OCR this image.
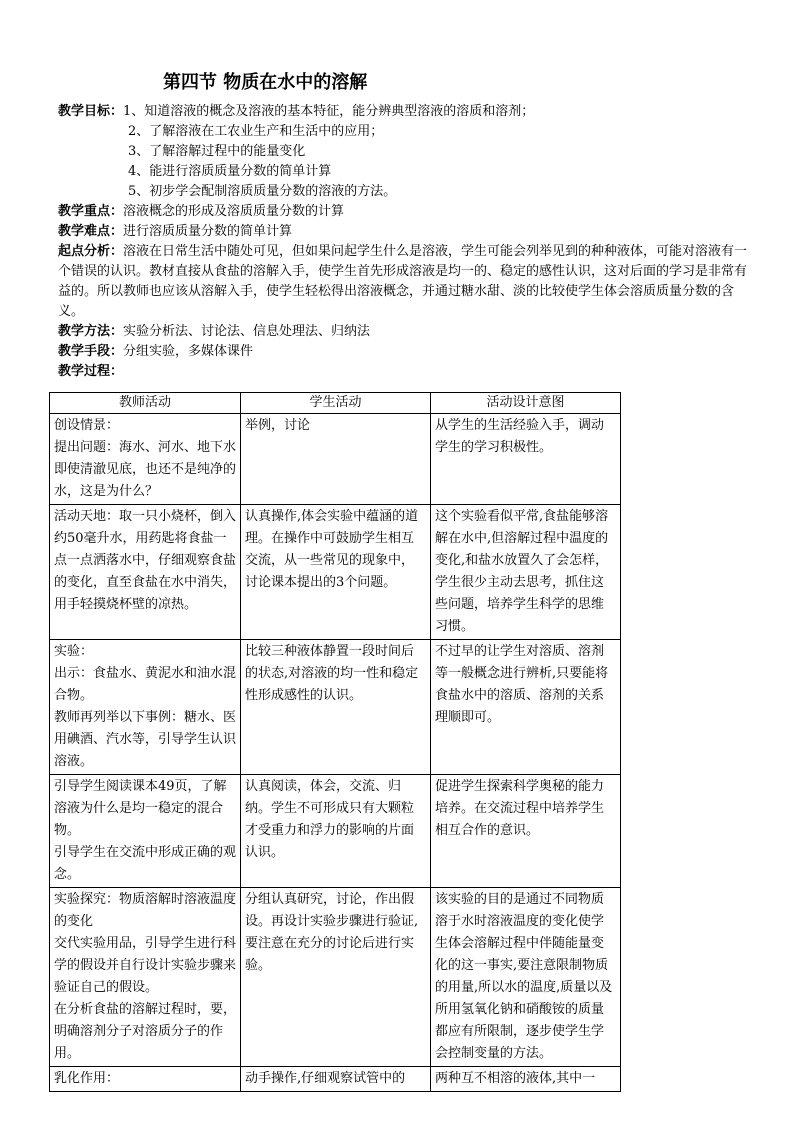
第四节 物质在水中的溶解
教学目标：1、知道溶液的概念及溶液的基本特征，能分辨典型溶液的溶质和溶剂；
2、了解溶液在工农业生产和生活中的应用；
3、了解溶解过程中的能量变化
4、能进行溶质质量分数的简单计算
5、初步学会配制溶质质量分数的溶液的方法。
教学重点：溶液概念的形成及溶质质量分数的计算
教学难点：进行溶质质量分数的简单计算
起点分析：溶液在日常生活中随处可见，但如果问起学生什么是溶液，学生可能会列举见到的种种液体，可能对溶液有一个错误的认识。教材直接从食盐的溶解入手，使学生首先形成溶液是均一的、稳定的感性认识，这对后面的学习是非常有益的。所以教师也应该从溶解入手，使学生轻松得出溶液概念，并通过糖水甜、淡的比较使学生体会溶质质量分数的含义。
教学方法：实验分析法、讨论法、信息处理法、归纳法
教学手段：分组实验，多媒体课件
教学过程：
教师活动	学生活动	活动设计意图

创设情景：
提出问题：海水、河水、地下水即使清澈见底，也还不是纯净的水，这是为什么？	举例，讨论	从学生的生活经验入手，调动学生的学习积极性。

活动天地：取一只小烧杯，倒入约50毫升水，用药匙将食盐一点一点洒落水中，仔细观察食盐的变化，直至食盐在水中消失，用手轻摸烧杯壁的凉热。	认真操作,体会实验中蕴涵的道理。在操作中可鼓励学生相互交流，从一些常见的现象中，讨论课本提出的3个问题。	这个实验看似平常,食盐能够溶解在水中,但溶解过程中温度的变化,和盐水放置久了会怎样，学生很少主动去思考，抓住这些问题，培养学生科学的思维习惯。

实验：
出示：食盐水、黄泥水和油水混合物。
教师再列举以下事例：糖水、医用碘酒、汽水等，引导学生认识溶液。	比较三种液体静置一段时间后的状态,对溶液的均一性和稳定性形成感性的认识。	不过早的让学生对溶质、溶剂等一般概念进行辨析,只要能将食盐水中的溶质、溶剂的关系理顺即可。

引导学生阅读课本49页，了解溶液为什么是均一稳定的混合物。
引导学生在交流中形成正确的观念。	认真阅读，体会，交流、归纳。学生不可形成只有大颗粒才受重力和浮力的影响的片面认识。	促进学生探索科学奥秘的能力培养。在交流过程中培养学生相互合作的意识。

实验探究：物质溶解时溶液温度的变化
交代实验用品，引导学生进行科学的假设并自行设计实验步骤来验证自己的假设。
在分析食盐的溶解过程时，要，明确溶剂分子对溶质分子的作用。	分组认真研究，讨论，作出假设。再设计实验步骤进行验证,要注意在充分的讨论后进行实验。	该实验的目的是通过不同物质溶于水时溶液温度的变化使学生体会溶解过程中伴随能量变化的这一事实,要注意限制物质的用量,所以水的温度,质量以及所用氢氧化钠和硝酸铵的质量都应有所限制，逐步使学生学会控制变量的方法。

乳化作用：	动手操作,仔细观察试管中的	两种互不相溶的液体,其中一
